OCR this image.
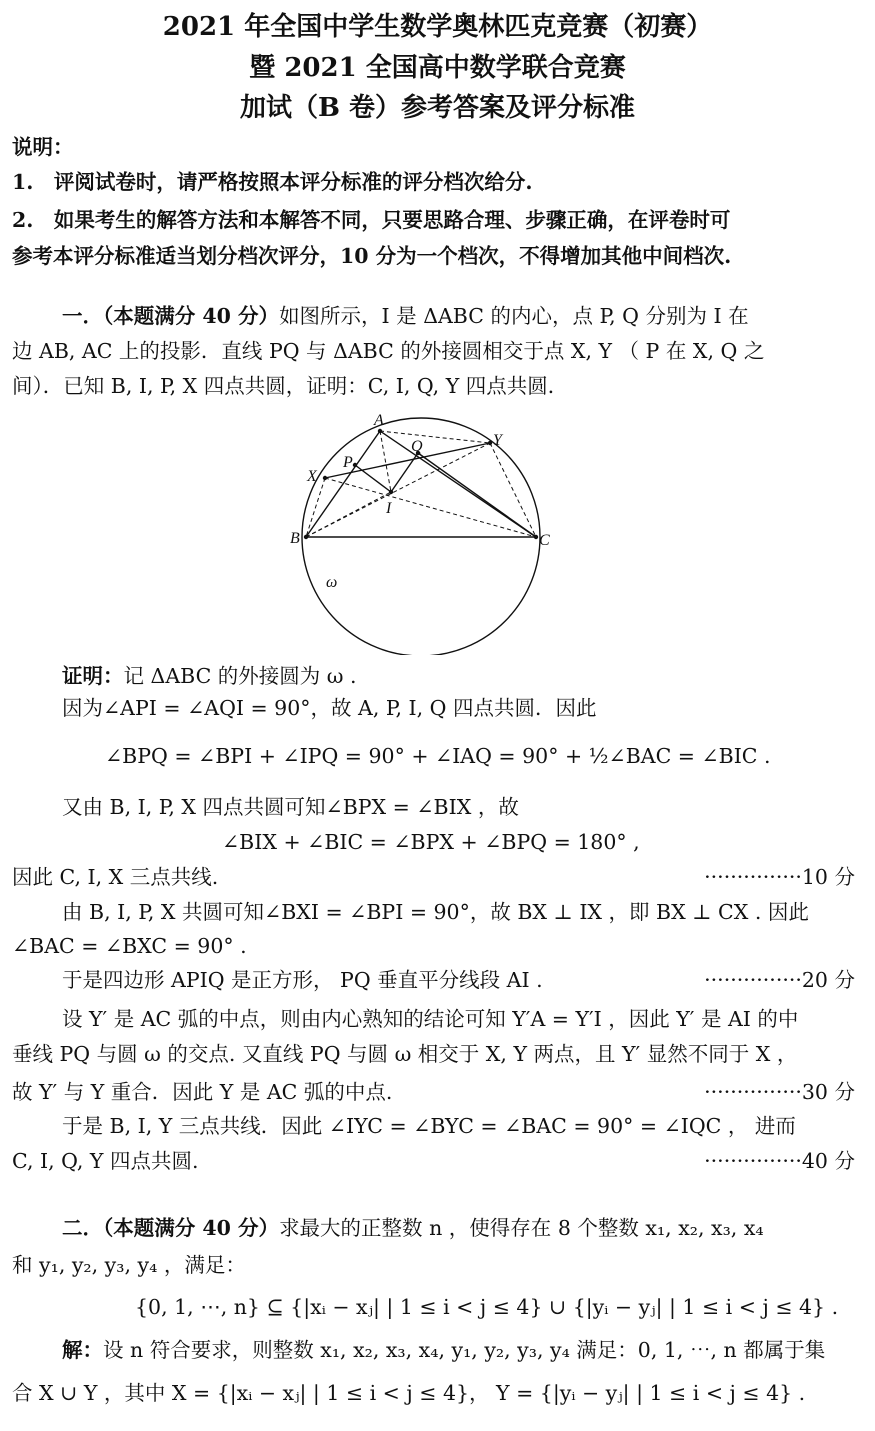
2021 年全国中学生数学奥林匹克竞赛（初赛）
暨 2021 全国高中数学联合竞赛
加试（B 卷）参考答案及评分标准
说明：
1.　评阅试卷时，请严格按照本评分标准的评分档次给分.
2.　如果考生的解答方法和本解答不同，只要思路合理、步骤正确，在评卷时可
参考本评分标准适当划分档次评分，10 分为一个档次，不得增加其他中间档次.
一．（本题满分 40 分）如图所示，I 是 ΔABC 的内心，点 P, Q 分别为 I 在
边 AB, AC 上的投影．直线 PQ 与 ΔABC 的外接圆相交于点 X, Y （ P 在 X, Q 之
间）．已知 B, I, P, X 四点共圆，证明：C, I, Q, Y 四点共圆．
A
Q	Y
P
X
I
B	C
ω
证明：记 ΔABC 的外接圆为 ω .
因为∠API = ∠AQI = 90°，故 A, P, I, Q 四点共圆．因此
∠BPQ = ∠BPI + ∠IPQ = 90° + ∠IAQ = 90° + ½∠BAC = ∠BIC .
又由 B, I, P, X 四点共圆可知∠BPX = ∠BIX ，故
∠BIX + ∠BIC = ∠BPX + ∠BPQ = 180° ,
因此 C, I, X 三点共线.	···············10 分
由 B, I, P, X 共圆可知∠BXI = ∠BPI = 90°，故 BX ⊥ IX ，即 BX ⊥ CX . 因此
∠BAC = ∠BXC = 90° .
于是四边形 APIQ 是正方形， PQ 垂直平分线段 AI .	···············20 分
设 Y′ 是 AC 弧的中点，则由内心熟知的结论可知 Y′A = Y′I ，因此 Y′ 是 AI 的中
垂线 PQ 与圆 ω 的交点. 又直线 PQ 与圆 ω 相交于 X, Y 两点，且 Y′ 显然不同于 X ，
故 Y′ 与 Y 重合．因此 Y 是 AC 弧的中点.	···············30 分
于是 B, I, Y 三点共线．因此 ∠IYC = ∠BYC = ∠BAC = 90° = ∠IQC ， 进而
C, I, Q, Y 四点共圆.	···············40 分
二．（本题满分 40 分）求最大的正整数 n ，使得存在 8 个整数 x₁, x₂, x₃, x₄
和 y₁, y₂, y₃, y₄ ，满足：
{0, 1, ⋯, n} ⊆ {|xᵢ − xⱼ| | 1 ≤ i < j ≤ 4} ∪ {|yᵢ − yⱼ| | 1 ≤ i < j ≤ 4} .
解：设 n 符合要求，则整数 x₁, x₂, x₃, x₄, y₁, y₂, y₃, y₄ 满足：0, 1, ⋯, n 都属于集
合 X ∪ Y ，其中 X = {|xᵢ − xⱼ| | 1 ≤ i < j ≤ 4}， Y = {|yᵢ − yⱼ| | 1 ≤ i < j ≤ 4} .
